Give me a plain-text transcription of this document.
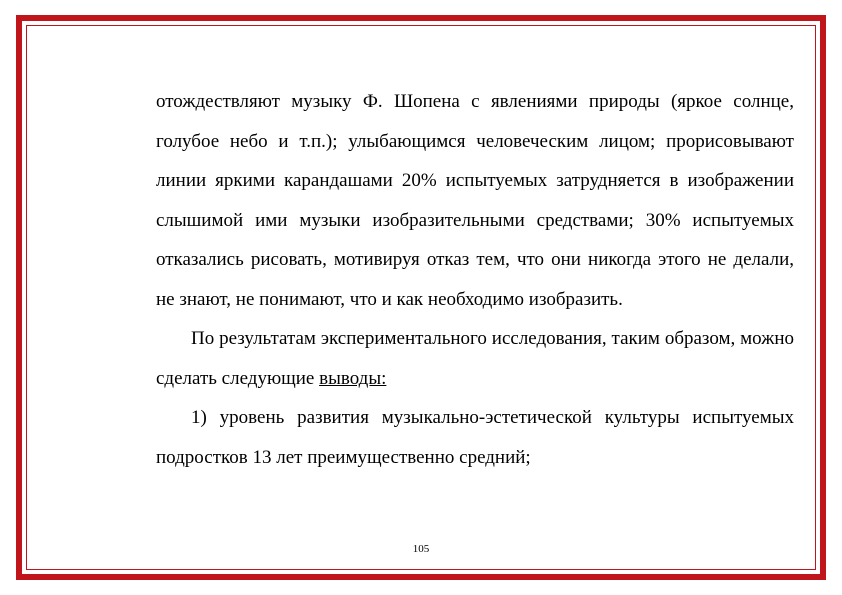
отождествляют музыку Ф. Шопена с явлениями природы (яркое солнце, голубое небо и т.п.); улыбающимся человеческим лицом; прорисовывают линии яркими карандашами 20% испытуемых затрудняется в изображении слышимой ими музыки изобразительными средствами; 30% испытуемых отказались рисовать, мотивируя отказ тем, что они никогда этого не делали, не знают, не понимают, что и как необходимо изобразить.

По результатам экспериментального исследования, таким образом, можно сделать следующие выводы:

1) уровень развития музыкально-эстетической культуры испытуемых подростков 13 лет преимущественно средний;

105
